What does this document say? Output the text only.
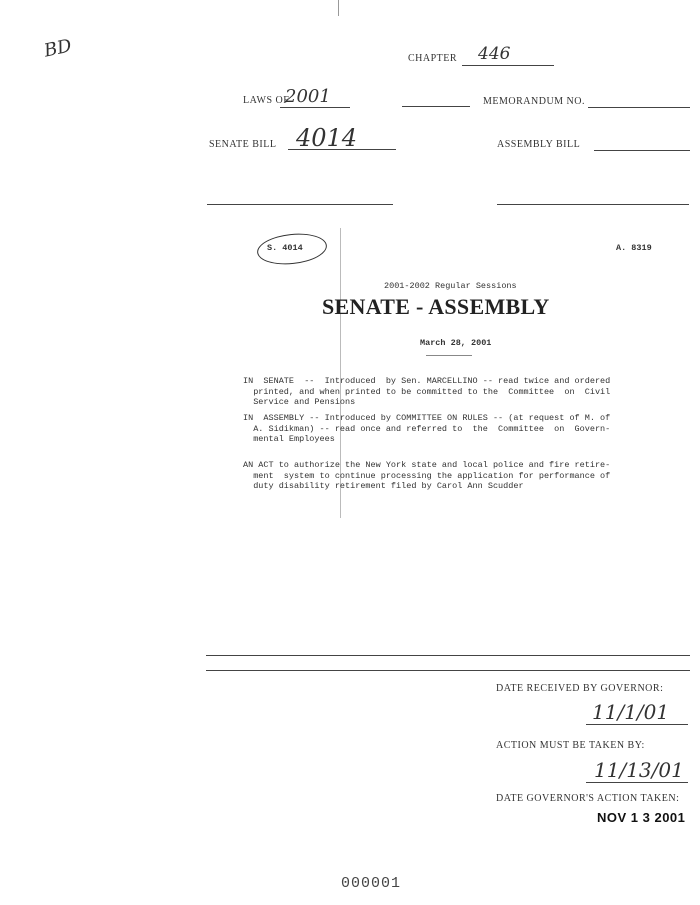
BD	CHAPTER 446
LAWS OF
2001	MEMORANDUM NO.
SENATE BILL 4014	ASSEMBLY BILL
S. 4014	A. 8319
2001-2002 Regular Sessions
SENATE - ASSEMBLY
March 28, 2001
IN  SENATE  --  Introduced  by Sen. MARCELLINO -- read twice and ordered
printed, and when printed to be committed to the  Committee  on  Civil
Service and Pensions
IN  ASSEMBLY -- Introduced by COMMITTEE ON RULES -- (at request of M. of
A. Sidikman) -- read once and referred to  the  Committee  on  Govern-
mental Employees
AN ACT to authorize the New York state and local police and fire retire-
ment  system to continue processing the application for performance of
duty disability retirement filed by Carol Ann Scudder
DATE RECEIVED BY GOVERNOR:
11/1/01
ACTION MUST BE TAKEN BY:
11/13/01
DATE GOVERNOR'S ACTION TAKEN:
NOV 1 3 2001
000001
